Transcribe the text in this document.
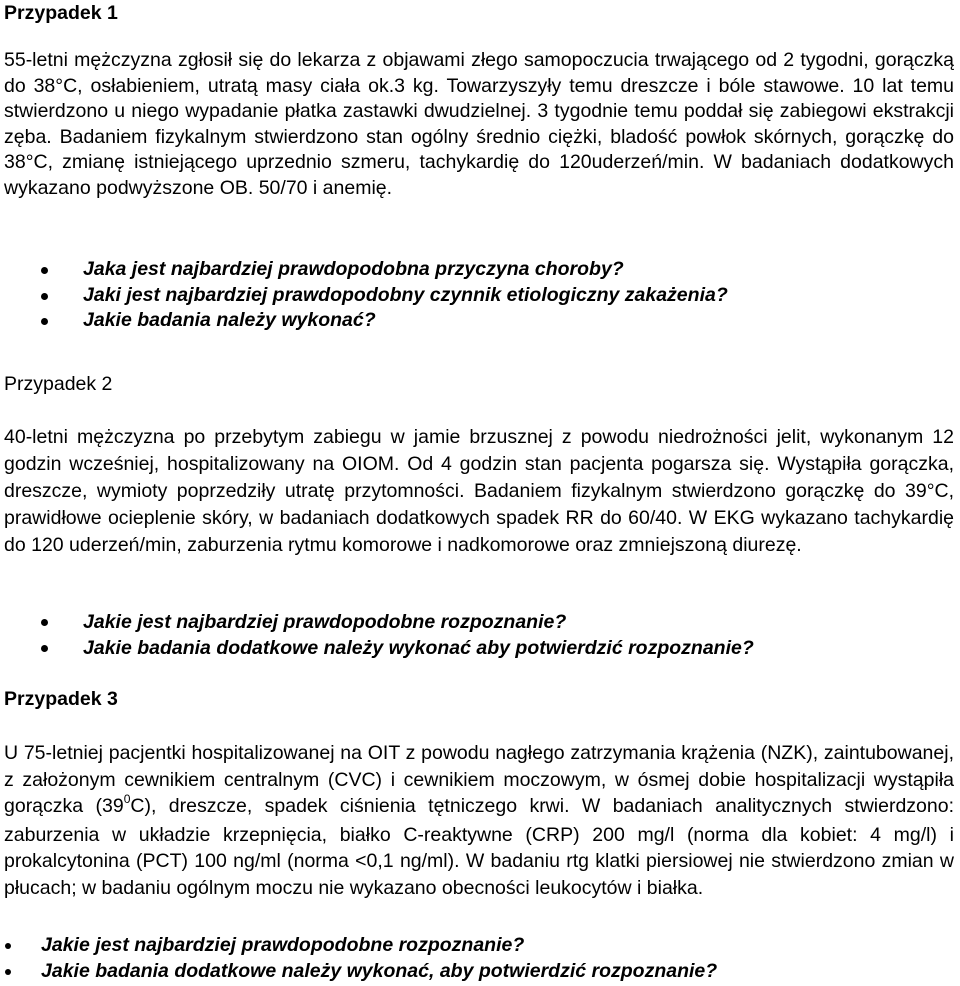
Przypadek 1

55-letni mężczyzna zgłosił się do lekarza z objawami złego samopoczucia trwającego od 2 tygodni, gorączką do 38°C, osłabieniem, utratą masy ciała ok.3 kg. Towarzyszyły temu dreszcze i bóle stawowe. 10 lat temu stwierdzono u niego wypadanie płatka zastawki dwudzielnej. 3 tygodnie temu poddał się zabiegowi ekstrakcji zęba. Badaniem fizykalnym stwierdzono stan ogólny średnio ciężki, bladość powłok skórnych, gorączkę do 38°C, zmianę istniejącego uprzednio szmeru, tachykardię do 120uderzeń/min. W badaniach dodatkowych wykazano podwyższone OB. 50/70 i anemię.

Jaka jest najbardziej prawdopodobna przyczyna choroby?
Jaki jest najbardziej prawdopodobny czynnik etiologiczny zakażenia?
Jakie badania należy wykonać?
Przypadek 2

40-letni mężczyzna po przebytym zabiegu w jamie brzusznej z powodu niedrożności jelit, wykonanym 12 godzin wcześniej, hospitalizowany na OIOM. Od 4 godzin stan pacjenta pogarsza się. Wystąpiła gorączka, dreszcze, wymioty poprzedziły utratę przytomności. Badaniem fizykalnym stwierdzono gorączkę do 39°C, prawidłowe ocieplenie skóry, w badaniach dodatkowych spadek RR do 60/40. W EKG wykazano tachykardię do 120 uderzeń/min, zaburzenia rytmu komorowe i nadkomorowe oraz zmniejszoną diurezę.

Jakie jest najbardziej prawdopodobne rozpoznanie?
Jakie badania dodatkowe należy wykonać aby potwierdzić rozpoznanie?
Przypadek 3

U 75-letniej pacjentki hospitalizowanej na OIT z powodu nagłego zatrzymania krążenia (NZK), zaintubowanej, z założonym cewnikiem centralnym (CVC) i cewnikiem moczowym, w ósmej dobie hospitalizacji wystąpiła gorączka $(39^0C)$, dreszcze, spadek ciśnienia tętniczego krwi. W badaniach analitycznych stwierdzono: zaburzenia w układzie krzepnięcia, białko C-reaktywne (CRP) 200 mg/l (norma dla kobiet: 4 mg/l) i prokalcytonina (PCT) 100 ng/ml (norma <0,1 ng/ml). W badaniu rtg klatki piersiowej nie stwierdzono zmian w płucach; w badaniu ogólnym moczu nie wykazano obecności leukocytów i białka.

Jakie jest najbardziej prawdopodobne rozpoznanie?
Jakie badania dodatkowe należy wykonać, aby potwierdzić rozpoznanie?
